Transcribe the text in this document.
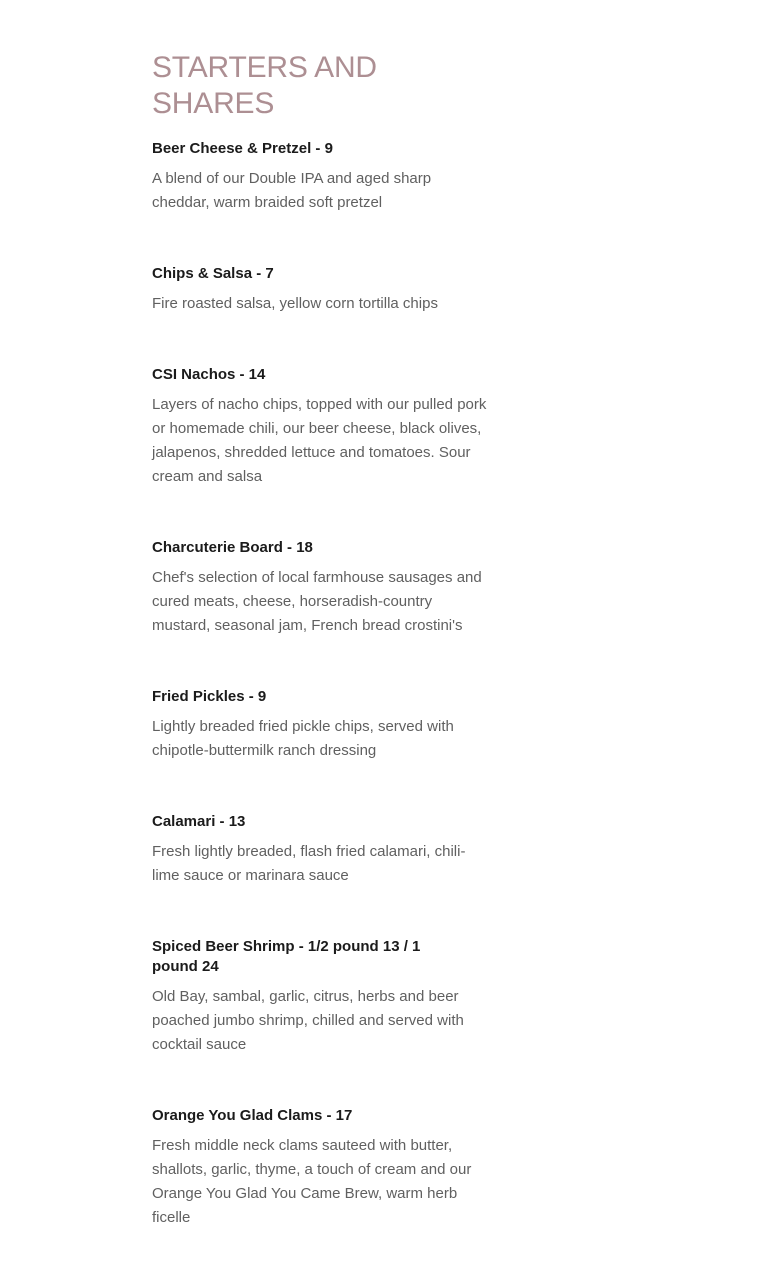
STARTERS AND SHARES
Beer Cheese & Pretzel - 9

A blend of our Double IPA and aged sharp cheddar, warm braided soft pretzel

Chips & Salsa - 7

Fire roasted salsa, yellow corn tortilla chips

CSI Nachos - 14

Layers of nacho chips, topped with our pulled pork or homemade chili, our beer cheese, black olives, jalapenos, shredded lettuce and tomatoes. Sour cream and salsa

Charcuterie Board - 18

Chef's selection of local farmhouse sausages and cured meats, cheese, horseradish-country mustard, seasonal jam, French bread crostini's

Fried Pickles - 9

Lightly breaded fried pickle chips, served with chipotle-buttermilk ranch dressing

Calamari - 13

Fresh lightly breaded, flash fried calamari, chili-lime sauce or marinara sauce

Spiced Beer Shrimp - 1/2 pound 13 / 1 pound 24

Old Bay, sambal, garlic, citrus, herbs and beer poached jumbo shrimp, chilled and served with cocktail sauce

Orange You Glad Clams - 17

Fresh middle neck clams sauteed with butter, shallots, garlic, thyme, a touch of cream and our Orange You Glad You Came Brew, warm herb ficelle
